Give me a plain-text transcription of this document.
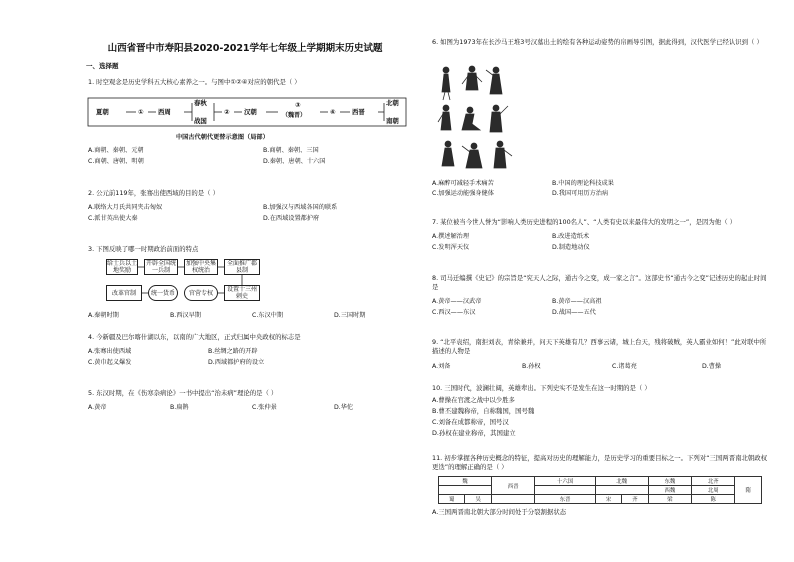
山西省晋中市寿阳县2020-2021学年七年级上学期期末历史试题
一、选择题
1. 时空观念是历史学科五大核心素养之一。与图中①②④对应的朝代是（ ）
夏朝	① 西周
春秋
战国
② 汉朝
③
（魏晋）	④	西晋
北朝
南朝
中国古代朝代更替示意图（局部）
A.商朝、秦朝、元朝	B.商朝、秦朝、三国
C.商朝、唐朝、明朝	D.秦朝、唐朝、十六国
2. 公元前119年，张骞出使西域的目的是（ ）
A.联络大月氏共同夹击匈奴	B.加强汉与西域各国的联系
C.派甘英出使大秦	D.在西域设置都护府
3. 下图反映了哪一时期政治前面的特点
给士兵以土地奖励
开辟全国统一兵制
加强中央集权统治
全面推广郡县制
设置十三州刺史
官营专权
统一货币
改革官制
A.秦朝时期	B.西汉早期	C.东汉中期	D.三国时期
4. 今新疆及巴尔喀什湖以东，以南的广大地区，正式归属中央政权的标志是
A.张骞出使西域	B.丝绸之路的开辟
C.黄巾起义爆发	D.西域都护府的设立
5. 东汉时期，在《伤寒杂病论》一书中提出“治未病”理论的是（ ）
A.黄帝	B.扁鹊	C.张仲景	D.华佗
6. 如图为1973年在长沙马王堆3号汉墓出土的绘有各种运动姿势的帛画导引图，据此得到，汉代医学已经认识到（ ）
A.麻醉可减轻手术痛苦	B.中国的理论科技成果
C.加强运动能强身健体	D.我国可用历方治病
7. 某位被当今世人誉为“影响人类历史进程的100名人”、“人类有史以来最伟大的发明之一”，是因为他（ ）
A.撰述解治理	B.改进造纸术
C.发明浑天仪	D.制造地动仪
8. 司马迁编撰《史记》的宗旨是“究天人之际，通古今之变，成一家之言”。这部史书“通古今之变”记述历史的起止时间是
A.黄帝——汉武帝	B.黄帝——汉高祖
C.西汉——东汉	D.战国——五代
9. “北平袁绍，南拒刘表，青徐兼并，问天下英雄有几？西事云诸，城上台天，残将破贼，英人霸业如何！”此对联中所描述的人物是
A.刘备	B.孙权	C.诸葛亮	D.曹操
10. 三国时代，波澜壮阔，英雄辈出。下列史实不是发生在这一时期的是（ ）
A.曹操在官渡之战中以少胜多
B.曹丕建魏称帝，自称魏国，国号魏
C.刘备在成都称帝，国号汉
D.孙权在建业称帝，其国建立
11. 初步掌握各种历史概念的特征，提高对历史的理解能力，是历史学习的重要目标之一。下列对“三国两晋南北朝政权更迭”的理解正确的是（ ）
魏		西晋	十六国	北魏		东魏	北齐	隋
						西魏	北周	
蜀	吴		东晋	宋	齐	梁	陈	
A.三国两晋南北朝大部分时间处于分裂割据状态
